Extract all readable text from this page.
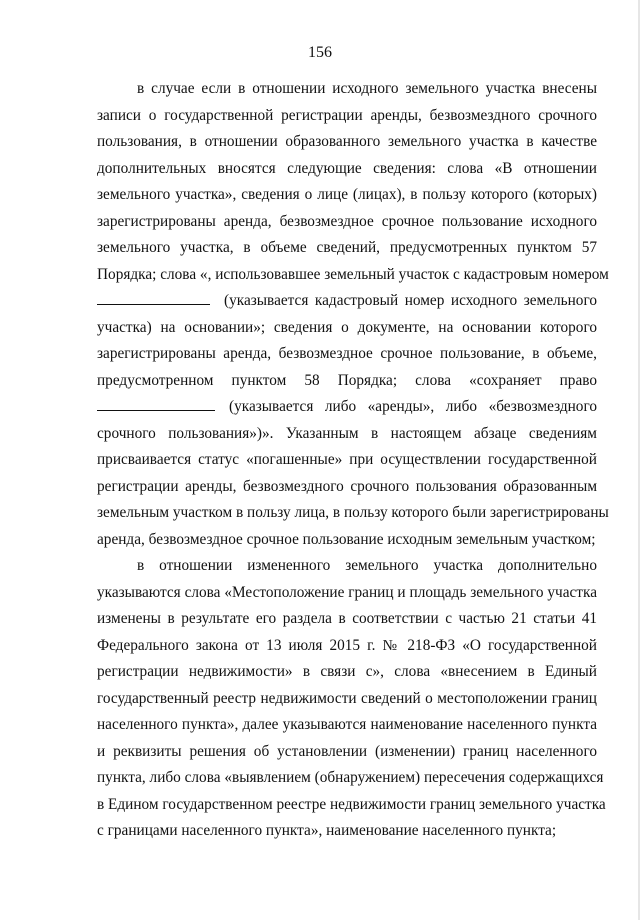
156
в случае если в отношении исходного земельного участка внесены
записи о государственной регистрации аренды, безвозмездного срочного
пользования, в отношении образованного земельного участка в качестве
дополнительных вносятся следующие сведения: слова «В отношении
земельного участка», сведения о лице (лицах), в пользу которого (которых)
зарегистрированы аренда, безвозмездное срочное пользование исходного
земельного участка, в объеме сведений, предусмотренных пунктом 57
Порядка; слова «, использовавшее земельный участок с кадастровым номером
(указывается кадастровый номер исходного земельного
участка) на основании»; сведения о документе, на основании которого
зарегистрированы аренда, безвозмездное срочное пользование, в объеме,
предусмотренном пунктом 58 Порядка; слова «сохраняет право
(указывается либо «аренды», либо «безвозмездного
срочного пользования»)». Указанным в настоящем абзаце сведениям
присваивается статус «погашенные» при осуществлении государственной
регистрации аренды, безвозмездного срочного пользования образованным
земельным участком в пользу лица, в пользу которого были зарегистрированы
аренда, безвозмездное срочное пользование исходным земельным участком;
в отношении измененного земельного участка дополнительно
указываются слова «Местоположение границ и площадь земельного участка
изменены в результате его раздела в соответствии с частью 21 статьи 41
Федерального закона от 13 июля 2015 г. № 218-ФЗ «О государственной
регистрации недвижимости» в связи с», слова «внесением в Единый
государственный реестр недвижимости сведений о местоположении границ
населенного пункта», далее указываются наименование населенного пункта
и реквизиты решения об установлении (изменении) границ населенного
пункта, либо слова «выявлением (обнаружением) пересечения содержащихся
в Едином государственном реестре недвижимости границ земельного участка
с границами населенного пункта», наименование населенного пункта;
